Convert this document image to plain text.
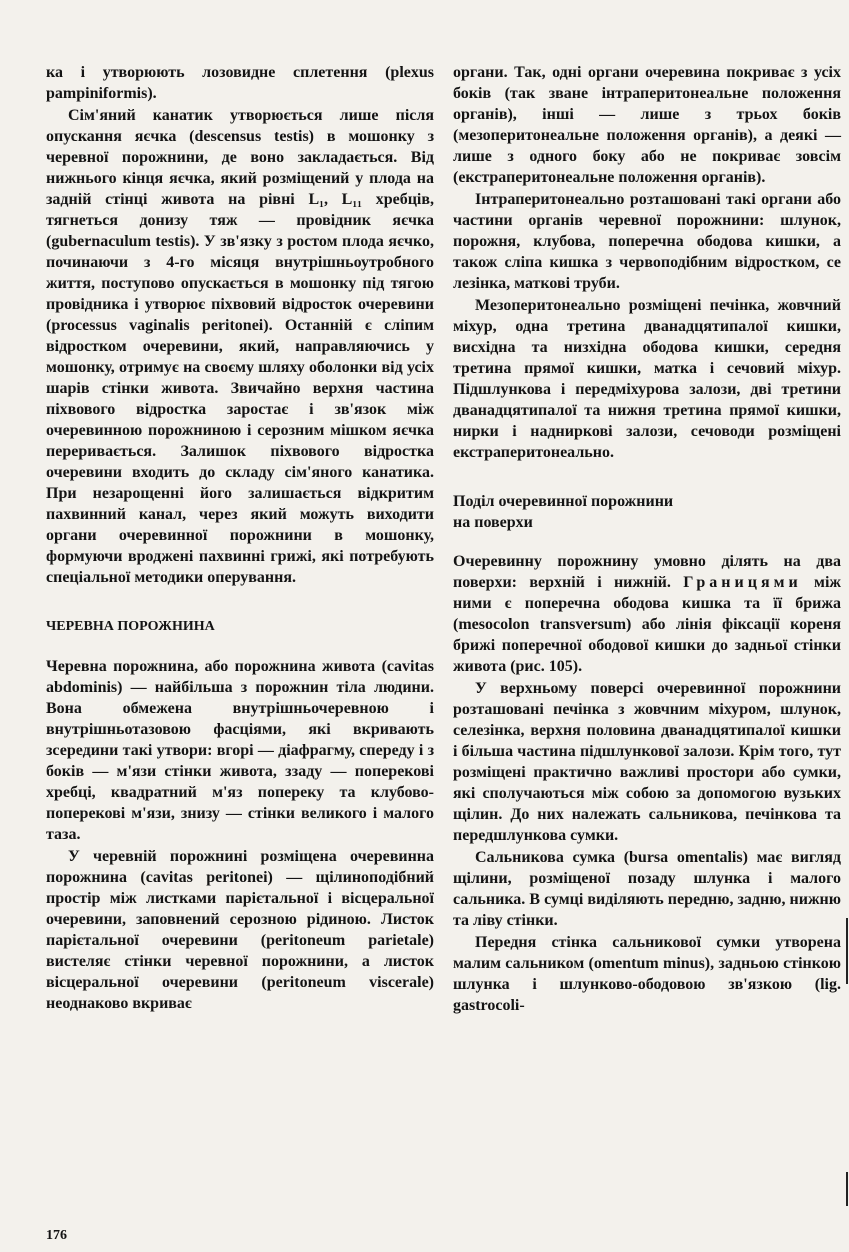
ка і утворюють лозовидне сплетення (plexus pampiniformis).

Сім'яний канатик утворюється лише після опускання яєчка (descensus testis) в мошонку з черевної порожнини, де воно закладається. Від нижнього кінця яєчка, який розміщений у плода на задній стінці живота на рівні L₁, L₁₁ хребців, тягнеться донизу тяж — провідник яєчка (gubernaculum testis). У зв'язку з ростом плода яєчко, починаючи з 4-го місяця внутрішньоутробного життя, поступово опускається в мошонку під тягою провідника і утворює піхвовий відросток очеревини (processus vaginalis peritonei). Останній є сліпим відростком очеревини, який, направляючись у мошонку, отримує на своєму шляху оболонки від усіх шарів стінки живота. Звичайно верхня частина піхвового відростка заростає і зв'язок між очеревинною порожниною і серозним мішком яєчка переривається. Залишок піхвового відростка очеревини входить до складу сім'яного канатика. При незарощенні його залишається відкритим пахвинний канал, через який можуть виходити органи очеревинної порожнини в мошонку, формуючи вроджені пахвинні грижі, які потребують спеціальної методики оперування.

ЧЕРЕВНА ПОРОЖНИНА

Черевна порожнина, або порожнина живота (cavitas abdominis) — найбільша з порожнин тіла людини. Вона обмежена внутрішньочеревною і внутрішньотазовою фасціями, які вкривають зсередини такі утвори: вгорі — діафрагму, спереду і з боків — м'язи стінки живота, ззаду — поперекові хребці, квадратний м'яз попереку та клубово-поперекові м'язи, знизу — стінки великого і малого таза.

У черевній порожнині розміщена очеревинна порожнина (cavitas peritonei) — щілиноподібний простір між листками парієтальної і вісцеральної очеревини, заповнений серозною рідиною. Листок парієтальної очеревини (peritoneum parietale) вистеляє стінки черевної порожнини, а листок вісцеральної очеревини (peritoneum viscerale) неоднаково вкриває

органи. Так, одні органи очеревина покриває з усіх боків (так зване інтраперитонеальне положення органів), інші — лише з трьох боків (мезоперитонеальне положення органів), а деякі — лише з одного боку або не покриває зовсім (екстраперитонеальне положення органів).

Інтраперитонеально розташовані такі органи або частини органів черевної порожнини: шлунок, порожня, клубова, поперечна ободова кишки, а також сліпа кишка з червоподібним відростком, се лезінка, маткові труби.

Мезоперитонеально розміщені печінка, жовчний міхур, одна третина дванадцятипалої кишки, висхідна та низхідна ободова кишки, середня третина прямої кишки, матка і сечовий міхур. Підшлункова і передміхурова залози, дві третини дванадцятипалої та нижня третина прямої кишки, нирки і надниркові залози, сечоводи розміщені екстраперитонеально.

Поділ очеревинної порожнини
на поверхи

Очеревинну порожнину умовно ділять на два поверхи: верхній і нижній. Границями між ними є поперечна ободова кишка та її брижа (mesocolon transversum) або лінія фіксації кореня брижі поперечної ободової кишки до задньої стінки живота (рис. 105).

У верхньому поверсі очеревинної порожнини розташовані печінка з жовчним міхуром, шлунок, селезінка, верхня половина дванадцятипалої кишки і більша частина підшлункової залози. Крім того, тут розміщені практично важливі простори або сумки, які сполучаються між собою за допомогою вузьких щілин. До них належать сальникова, печінкова та передшлункова сумки.

Сальникова сумка (bursa omentalis) має вигляд щілини, розміщеної позаду шлунка і малого сальника. В сумці виділяють передню, задню, нижню та ліву стінки.

Передня стінка сальникової сумки утворена малим сальником (omentum minus), задньою стінкою шлунка і шлунково-ободовою зв'язкою (lig. gastrocoli-

176
